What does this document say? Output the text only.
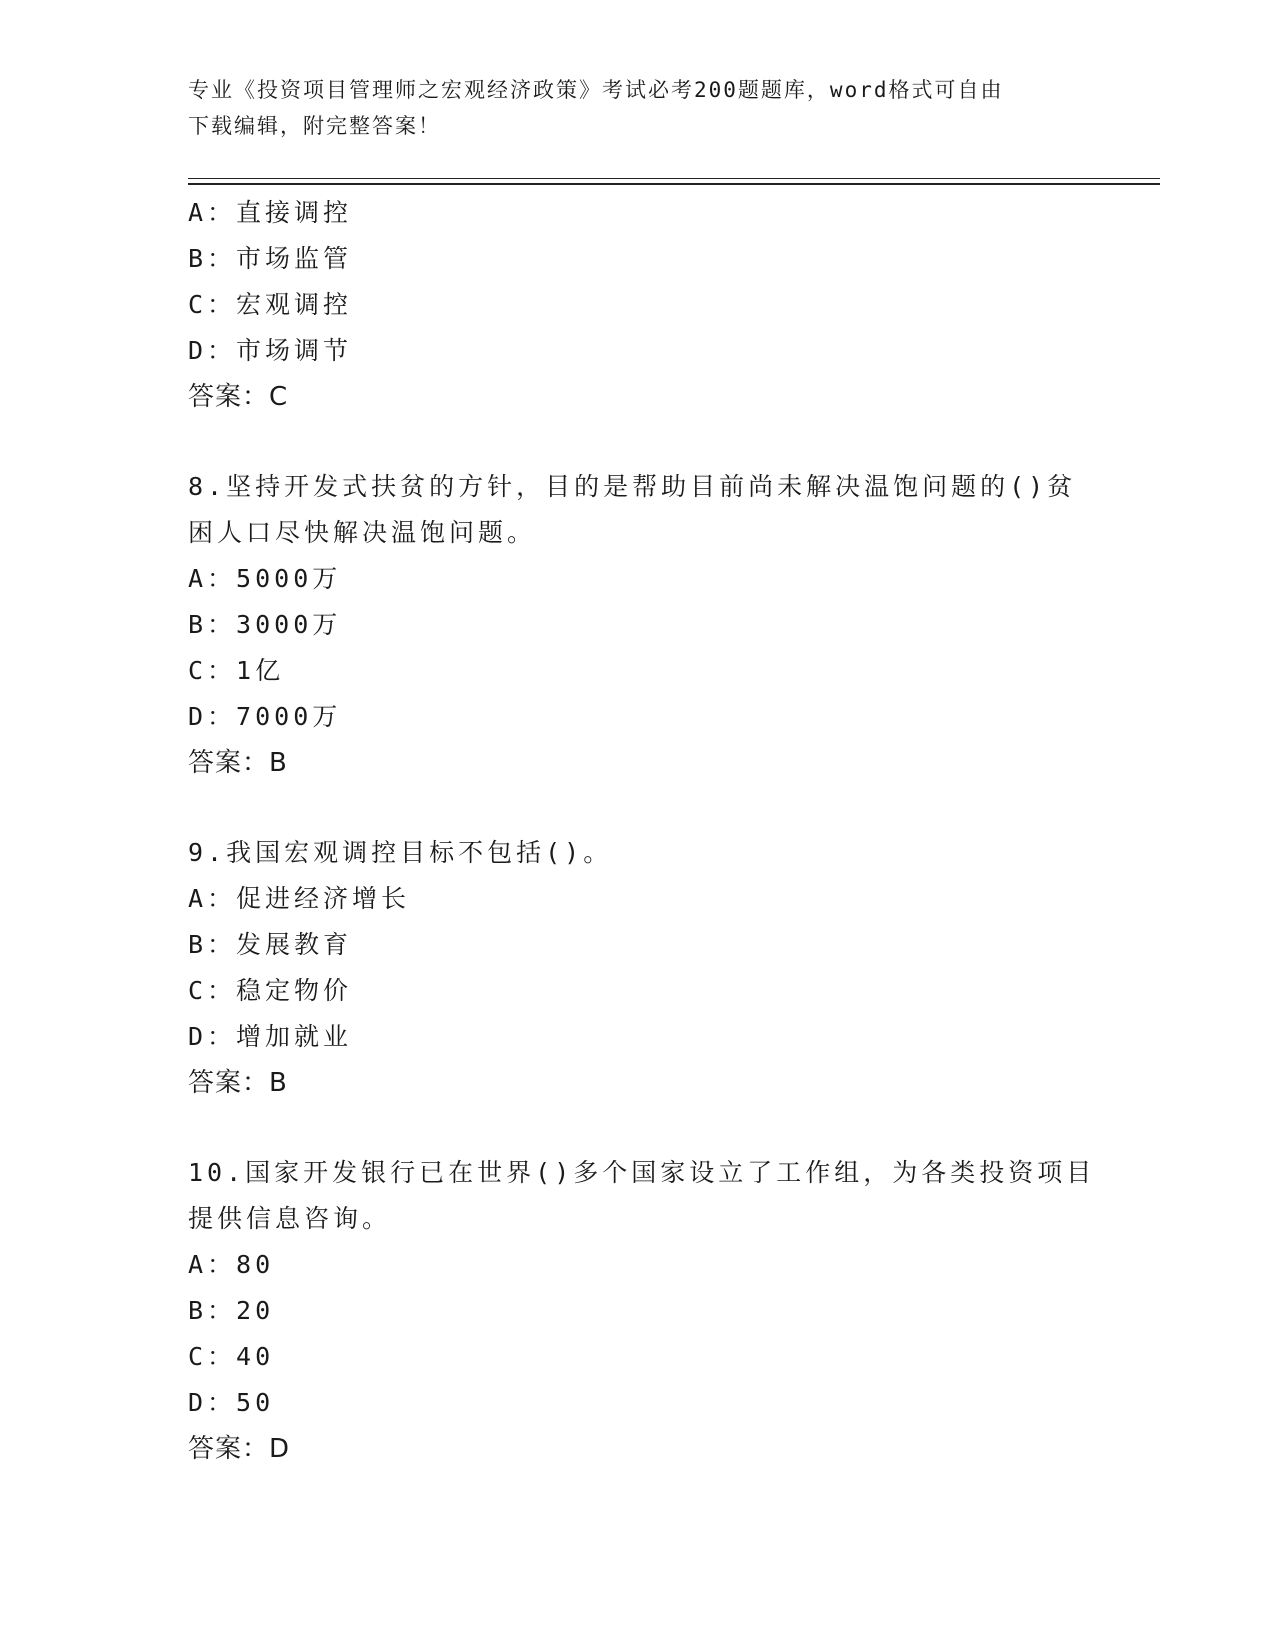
专业《投资项目管理师之宏观经济政策》考试必考200题题库，word格式可自由
下载编辑，附完整答案！
A：直接调控
B：市场监管
C：宏观调控
D：市场调节
答案：C
8.坚持开发式扶贫的方针，目的是帮助目前尚未解决温饱问题的()贫
困人口尽快解决温饱问题。
A：5000万
B：3000万
C：1亿
D：7000万
答案：B
9.我国宏观调控目标不包括()。
A：促进经济增长
B：发展教育
C：稳定物价
D：增加就业
答案：B
10.国家开发银行已在世界()多个国家设立了工作组，为各类投资项目
提供信息咨询。
A：80
B：20
C：40
D：50
答案：D
